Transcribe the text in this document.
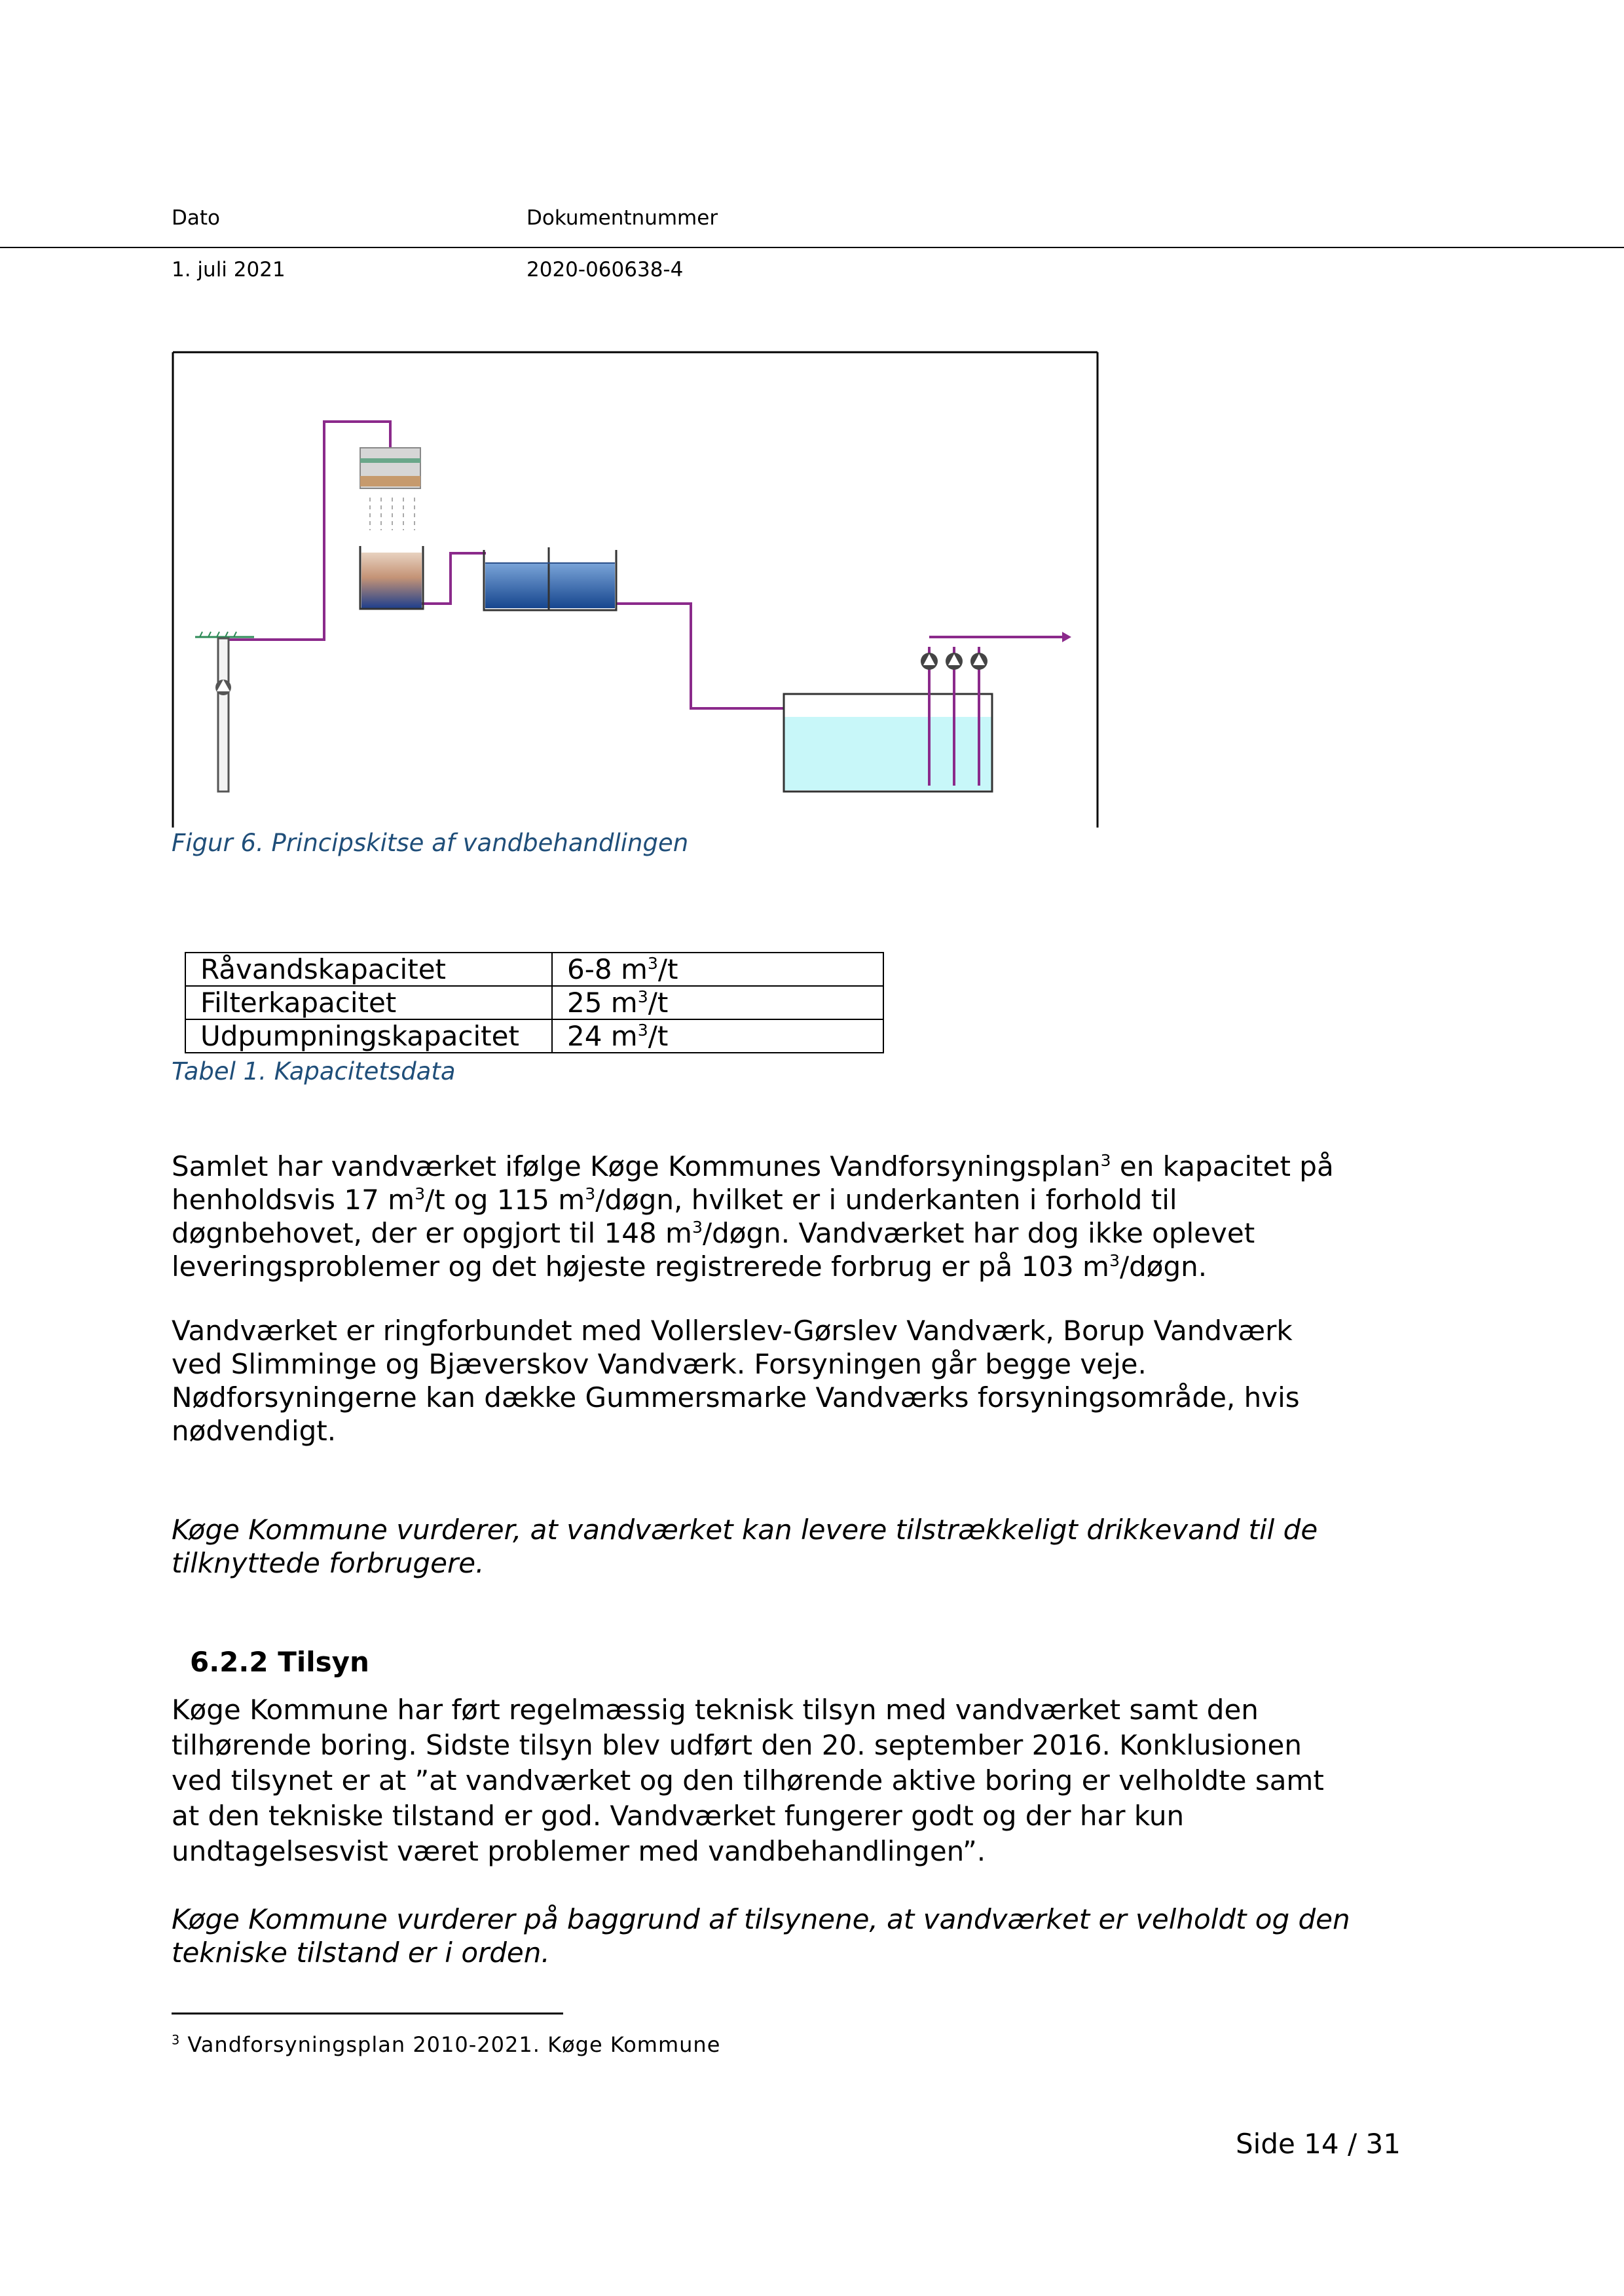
Dato	Dokumentnummer
1. juli 2021	2020-060638-4
Figur 6. Principskitse af vandbehandlingen
Råvandskapacitet	6-8 $m^3/t$
Filterkapacitet	25 $m^3/t$
Udpumpningskapacitet	24 $m^3/t$
Tabel 1. Kapacitetsdata
Samlet har vandværket ifølge Køge Kommunes Vandforsyningsplan$^3$ en kapacitet på henholdsvis 17 $m^3/t$ og 115 $m^3$/døgn, hvilket er i underkanten i forhold til døgnbehovet, der er opgjort til 148 $m^3$/døgn. Vandværket har dog ikke oplevet leveringsproblemer og det højeste registrerede forbrug er på 103 $m^3$/døgn.
Vandværket er ringforbundet med Vollerslev-Gørslev Vandværk, Borup Vandværk ved Slimminge og Bjæverskov Vandværk. Forsyningen går begge veje. Nødforsyningerne kan dække Gummersmarke Vandværks forsyningsområde, hvis nødvendigt.
Køge Kommune vurderer, at vandværket kan levere tilstrækkeligt drikkevand til de tilknyttede forbrugere.
6.2.2 Tilsyn
Køge Kommune har ført regelmæssig teknisk tilsyn med vandværket samt den tilhørende boring. Sidste tilsyn blev udført den 20. september 2016. Konklusionen ved tilsynet er at ”at vandværket og den tilhørende aktive boring er velholdte samt at den tekniske tilstand er god. Vandværket fungerer godt og der har kun undtagelsesvist været problemer med vandbehandlingen”.
Køge Kommune vurderer på baggrund af tilsynene, at vandværket er velholdt og den tekniske tilstand er i orden.
$^3$ Vandforsyningsplan 2010-2021. Køge Kommune
Side 14 / 31
